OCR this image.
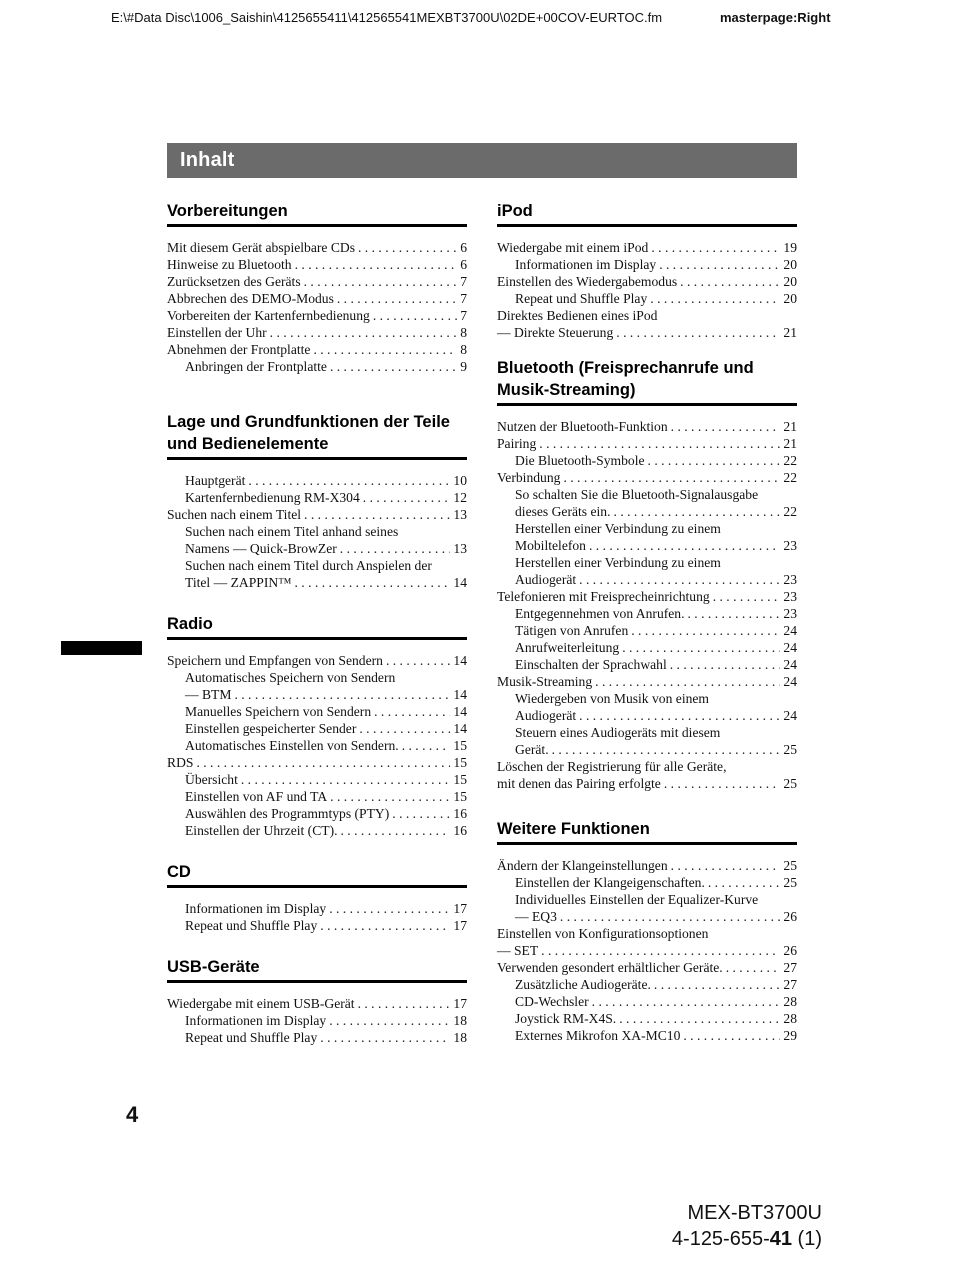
E:\#Data Disc\1006_Saishin\4125655411\412565541MEXBT3700U\02DE+00COV-EURTOC.fm	masterpage:Right
Inhalt
Vorbereitungen
Mit diesem Gerät abspielbare CDs . . .	6
Hinweise zu Bluetooth . . .	6
Zurücksetzen des Geräts . . .	7
Abbrechen des DEMO-Modus . . .	7
Vorbereiten der Kartenfernbedienung . . .	7
Einstellen der Uhr . . .	8
Abnehmen der Frontplatte . . .	8
Anbringen der Frontplatte . . .	9
Lage und Grundfunktionen der Teile und Bedienelemente
Hauptgerät . . .	10
Kartenfernbedienung RM-X304 . . .	12
Suchen nach einem Titel . . .	13
Suchen nach einem Titel anhand seines
Namens — Quick-BrowZer . . .	13
Suchen nach einem Titel durch Anspielen der
Titel — ZAPPIN™ . . .	14
Radio
Speichern und Empfangen von Sendern . . .	14
Automatisches Speichern von Sendern
— BTM . . .	14
Manuelles Speichern von Sendern . . .	14
Einstellen gespeicherter Sender . . .	14
Automatisches Einstellen von Sendern. . . .	15
RDS . . .	15
Übersicht . . .	15
Einstellen von AF und TA . . .	15
Auswählen des Programmtyps (PTY) . . .	16
Einstellen der Uhrzeit (CT). . . .	16
CD
Informationen im Display . . .	17
Repeat und Shuffle Play . . .	17
USB-Geräte
Wiedergabe mit einem USB-Gerät . . .	17
Informationen im Display . . .	18
Repeat und Shuffle Play . . .	18
iPod
Wiedergabe mit einem iPod . . .	19
Informationen im Display . . .	20
Einstellen des Wiedergabemodus . . .	20
Repeat und Shuffle Play . . .	20
Direktes Bedienen eines iPod
— Direkte Steuerung . . .	21
Bluetooth (Freisprechanrufe und Musik-Streaming)
Nutzen der Bluetooth-Funktion . . .	21
Pairing . . .	21
Die Bluetooth-Symbole . . .	22
Verbindung . . .	22
So schalten Sie die Bluetooth-Signalausgabe
dieses Geräts ein. . . .	22
Herstellen einer Verbindung zu einem
Mobiltelefon . . .	23
Herstellen einer Verbindung zu einem
Audiogerät . . .	23
Telefonieren mit Freisprecheinrichtung . . .	23
Entgegennehmen von Anrufen. . . .	23
Tätigen von Anrufen . . .	24
Anrufweiterleitung . . .	24
Einschalten der Sprachwahl . . .	24
Musik-Streaming . . .	24
Wiedergeben von Musik von einem
Audiogerät . . .	24
Steuern eines Audiogeräts mit diesem
Gerät. . . .	25
Löschen der Registrierung für alle Geräte,
mit denen das Pairing erfolgte . . .	25
Weitere Funktionen
Ändern der Klangeinstellungen . . .	25
Einstellen der Klangeigenschaften. . . .	25
Individuelles Einstellen der Equalizer-Kurve
— EQ3 . . .	26
Einstellen von Konfigurationsoptionen
— SET . . .	26
Verwenden gesondert erhältlicher Geräte. . . .	27
Zusätzliche Audiogeräte. . . .	27
CD-Wechsler . . .	28
Joystick RM-X4S. . . .	28
Externes Mikrofon XA-MC10 . . .	29
4
MEX-BT3700U
4-125-655-41 (1)
